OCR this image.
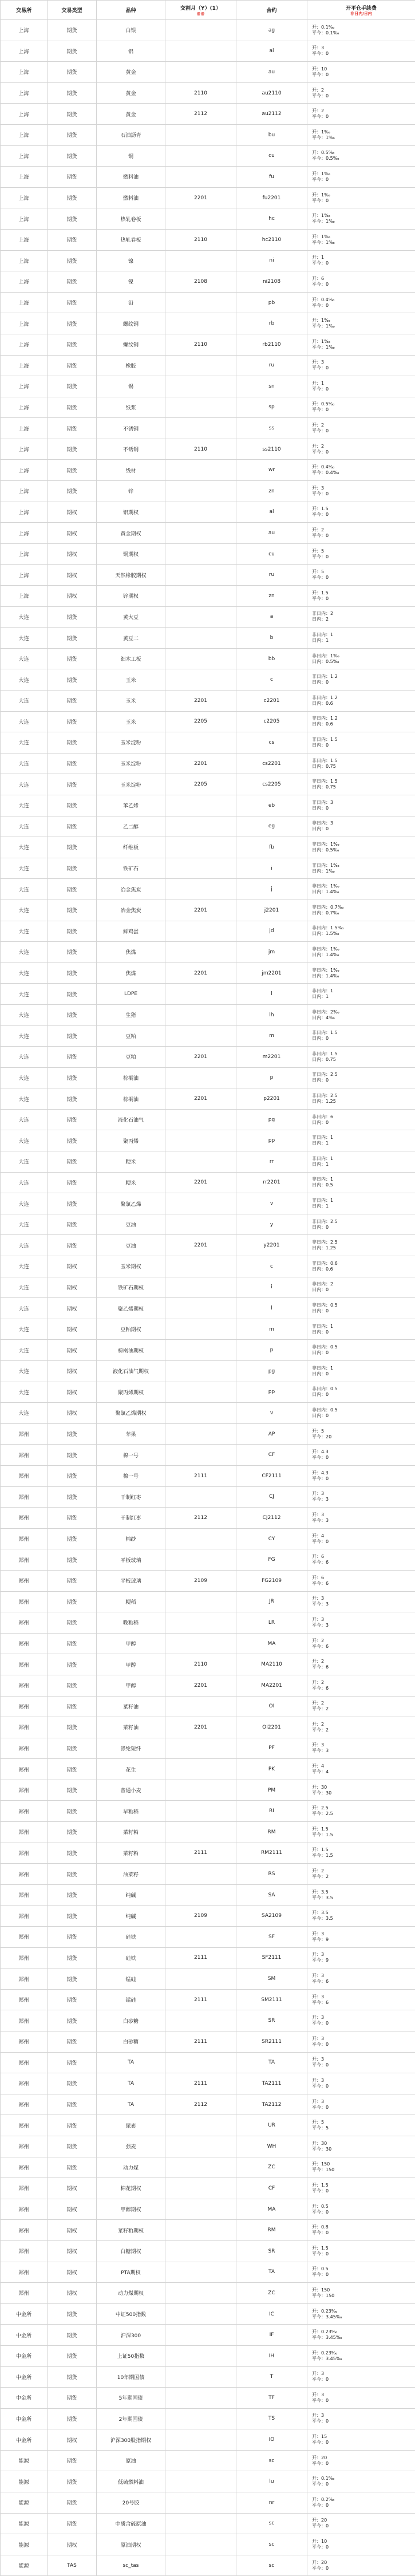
交易所	交易类型	品种	交割月（Y）(1）
@@	合约	开平仓手续费
非日内/日内

上海	期货	白银		ag	开：0.1‰
平今：0.1‰

上海	期货	铝		al	开：3
平今：0

上海	期货	黄金		au	开：10
平今：0

上海	期货	黄金	2110	au2110	开：2
平今：0

上海	期货	黄金	2112	au2112	开：2
平今：0

上海	期货	石油沥青		bu	开：1‰
平今：1‰

上海	期货	铜		cu	开：0.5‰
平今：0.5‰

上海	期货	燃料油		fu	开：1‰
平今：0

上海	期货	燃料油	2201	fu2201	开：1‰
平今：0

上海	期货	热轧卷板		hc	开：1‰
平今：1‰

上海	期货	热轧卷板	2110	hc2110	开：1‰
平今：1‰

上海	期货	镍		ni	开：1
平今：0

上海	期货	镍	2108	ni2108	开：6
平今：0

上海	期货	铅		pb	开：0.4‰
平今：0

上海	期货	螺纹钢		rb	开：1‰
平今：1‰

上海	期货	螺纹钢	2110	rb2110	开：1‰
平今：1‰

上海	期货	橡胶		ru	开：3
平今：0

上海	期货	锡		sn	开：1
平今：0

上海	期货	纸浆		sp	开：0.5‰
平今：0

上海	期货	不锈钢		ss	开：2
平今：0

上海	期货	不锈钢	2110	ss2110	开：2
平今：0

上海	期货	线材		wr	开：0.4‰
平今：0.4‰

上海	期货	锌		zn	开：3
平今：0

上海	期权	铝期权		al	开：1.5
平今：0

上海	期权	黄金期权		au	开：2
平今：0

上海	期权	铜期权		cu	开：5
平今：0

上海	期权	天然橡胶期权		ru	开：5
平今：0

上海	期权	锌期权		zn	开：1.5
平今：0

大连	期货	黄大豆		a	非日内：2
日内：2

大连	期货	黄豆二		b	非日内：1
日内：1

大连	期货	细木工板		bb	非日内：1‰
日内：0.5‰

大连	期货	玉米		c	非日内：1.2
日内：0

大连	期货	玉米	2201	c2201	非日内：1.2
日内：0.6

大连	期货	玉米	2205	c2205	非日内：1.2
日内：0.6

大连	期货	玉米淀粉		cs	非日内：1.5
日内：0

大连	期货	玉米淀粉	2201	cs2201	非日内：1.5
日内：0.75

大连	期货	玉米淀粉	2205	cs2205	非日内：1.5
日内：0.75

大连	期货	苯乙烯		eb	非日内：3
日内：0

大连	期货	乙二醇		eg	非日内：3
日内：0

大连	期货	纤维板		fb	非日内：1‰
日内：0.5‰

大连	期货	铁矿石		i	非日内：1‰
日内：1‰

大连	期货	冶金焦炭		j	非日内：1‰
日内：1.4‰

大连	期货	冶金焦炭	2201	j2201	非日内：0.7‰
日内：0.7‰

大连	期货	鲜鸡蛋		jd	非日内：1.5‰
日内：1.5‰

大连	期货	焦煤		jm	非日内：1‰
日内：1.4‰

大连	期货	焦煤	2201	jm2201	非日内：1‰
日内：1.4‰

大连	期货	LDPE		l	非日内：1
日内：1

大连	期货	生猪		lh	非日内：2‰
日内：4‰

大连	期货	豆粕		m	非日内：1.5
日内：0

大连	期货	豆粕	2201	m2201	非日内：1.5
日内：0.75

大连	期货	棕榈油		p	非日内：2.5
日内：0

大连	期货	棕榈油	2201	p2201	非日内：2.5
日内：1.25

大连	期货	液化石油气		pg	非日内：6
日内：0

大连	期货	聚丙烯		pp	非日内：1
日内：1

大连	期货	粳米		rr	非日内：1
日内：1

大连	期货	粳米	2201	rr2201	非日内：1
日内：0.5

大连	期货	聚氯乙烯		v	非日内：1
日内：1

大连	期货	豆油		y	非日内：2.5
日内：0

大连	期货	豆油	2201	y2201	非日内：2.5
日内：1.25

大连	期权	玉米期权		c	非日内：0.6
日内：0.6

大连	期权	铁矿石期权		i	非日内：2
日内：0

大连	期权	聚乙烯期权		l	非日内：0.5
日内：0

大连	期权	豆粕期权		m	非日内：1
日内：0

大连	期权	棕榈油期权		p	非日内：0.5
日内：0

大连	期权	液化石油气期权		pg	非日内：1
日内：0

大连	期权	聚丙烯期权		pp	非日内：0.5
日内：0

大连	期权	聚氯乙烯期权		v	非日内：0.5
日内：0

郑州	期货	苹果		AP	开：5
平今：20

郑州	期货	棉一号		CF	开：4.3
平今：0

郑州	期货	棉一号	2111	CF2111	开：4.3
平今：0

郑州	期货	干制红枣		CJ	开：3
平今：3

郑州	期货	干制红枣	2112	CJ2112	开：3
平今：3

郑州	期货	棉纱		CY	开：4
平今：0

郑州	期货	平板玻璃		FG	开：6
平今：6

郑州	期货	平板玻璃	2109	FG2109	开：6
平今：6

郑州	期货	粳稻		JR	开：3
平今：3

郑州	期货	晚籼稻		LR	开：3
平今：3

郑州	期货	甲醇		MA	开：2
平今：6

郑州	期货	甲醇	2110	MA2110	开：2
平今：6

郑州	期货	甲醇	2201	MA2201	开：2
平今：6

郑州	期货	菜籽油		OI	开：2
平今：2

郑州	期货	菜籽油	2201	OI2201	开：2
平今：2

郑州	期货	涤纶短纤		PF	开：3
平今：3

郑州	期货	花生		PK	开：4
平今：4

郑州	期货	普通小麦		PM	开：30
平今：30

郑州	期货	早籼稻		RI	开：2.5
平今：2.5

郑州	期货	菜籽粕		RM	开：1.5
平今：1.5

郑州	期货	菜籽粕	2111	RM2111	开：1.5
平今：1.5

郑州	期货	油菜籽		RS	开：2
平今：2

郑州	期货	纯碱		SA	开：3.5
平今：3.5

郑州	期货	纯碱	2109	SA2109	开：3.5
平今：3.5

郑州	期货	硅铁		SF	开：3
平今：9

郑州	期货	硅铁	2111	SF2111	开：3
平今：9

郑州	期货	锰硅		SM	开：3
平今：6

郑州	期货	锰硅	2111	SM2111	开：3
平今：6

郑州	期货	白砂糖		SR	开：3
平今：0

郑州	期货	白砂糖	2111	SR2111	开：3
平今：0

郑州	期货	TA		TA	开：3
平今：0

郑州	期货	TA	2111	TA2111	开：3
平今：0

郑州	期货	TA	2112	TA2112	开：3
平今：0

郑州	期货	尿素		UR	开：5
平今：5

郑州	期货	强麦		WH	开：30
平今：30

郑州	期货	动力煤		ZC	开：150
平今：150

郑州	期权	棉花期权		CF	开：1.5
平今：0

郑州	期权	甲醇期权		MA	开：0.5
平今：0

郑州	期权	菜籽粕期权		RM	开：0.8
平今：0

郑州	期权	白糖期权		SR	开：1.5
平今：0

郑州	期权	PTA期权		TA	开：0.5
平今：0

郑州	期权	动力煤期权		ZC	开：150
平今：150

中金所	期货	中证500指数		IC	开：0.23‰
平今：3.45‰

中金所	期货	沪深300		IF	开：0.23‰
平今：3.45‰

中金所	期货	上证50指数		IH	开：0.23‰
平今：3.45‰

中金所	期货	10年期国债		T	开：3
平今：0

中金所	期货	5年期国债		TF	开：3
平今：0

中金所	期货	2年期国债		TS	开：3
平今：0

中金所	期权	沪深300股指期权		IO	开：15
平今：0

能源	期货	原油		sc	开：20
平今：0

能源	期货	低硫燃料油		lu	开：0.1‰
平今：0

能源	期货	20号胶		nr	开：0.2‰
平今：0

能源	期货	中质含硫原油		sc	开：20
平今：0

能源	期权	原油期权		sc	开：10
平今：0

能源	TAS	sc_tas		sc	开：20
平今：0
